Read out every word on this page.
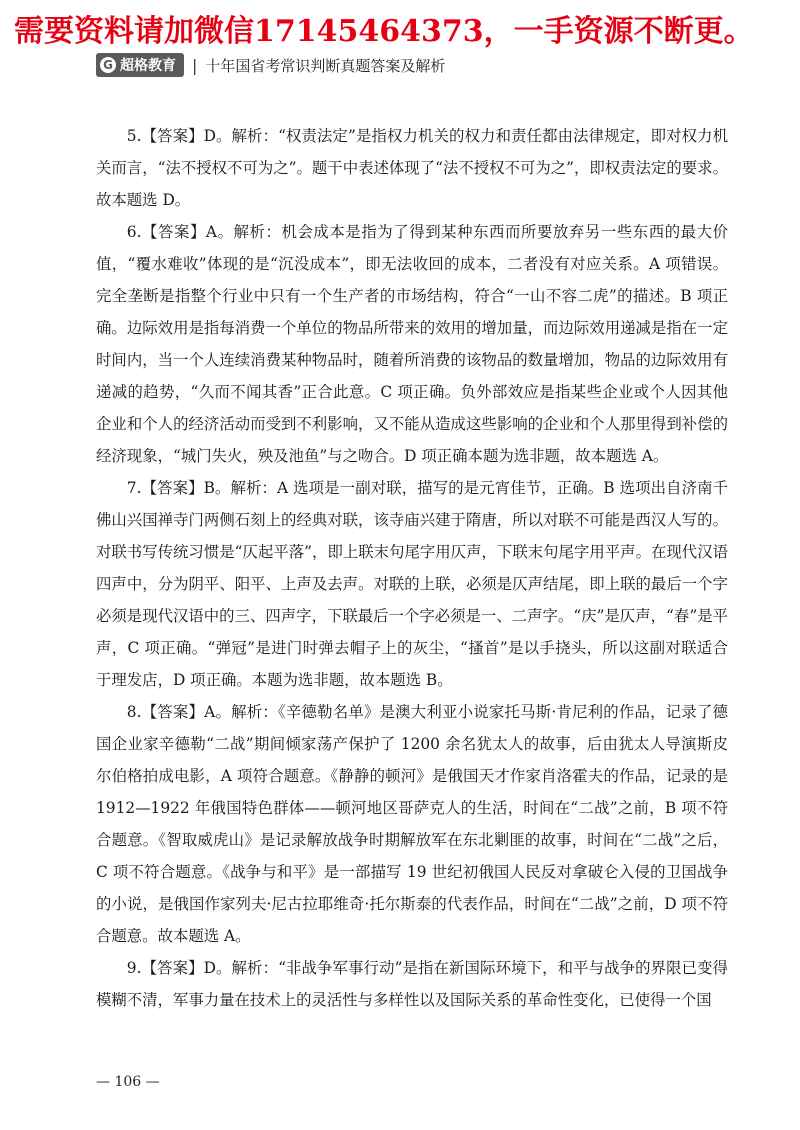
需要资料请加微信17145464373，一手资源不断更。
G 超格教育 | 十年国省考常识判断真题答案及解析

5.【答案】D。解析：“权责法定”是指权力机关的权力和责任都由法律规定，即对权力机关而言，“法不授权不可为之”。题干中表述体现了“法不授权不可为之”，即权责法定的要求。故本题选 D。

6.【答案】A。解析：机会成本是指为了得到某种东西而所要放弃另一些东西的最大价值，“覆水难收”体现的是“沉没成本”，即无法收回的成本，二者没有对应关系。A 项错误。完全垄断是指整个行业中只有一个生产者的市场结构，符合“一山不容二虎”的描述。B 项正确。边际效用是指每消费一个单位的物品所带来的效用的增加量，而边际效用递减是指在一定时间内，当一个人连续消费某种物品时，随着所消费的该物品的数量增加，物品的边际效用有递减的趋势，“久而不闻其香”正合此意。C 项正确。负外部效应是指某些企业或个人因其他企业和个人的经济活动而受到不利影响，又不能从造成这些影响的企业和个人那里得到补偿的经济现象，“城门失火，殃及池鱼”与之吻合。D 项正确本题为选非题，故本题选 A。

7.【答案】B。解析：A 选项是一副对联，描写的是元宵佳节，正确。B 选项出自济南千佛山兴国禅寺门两侧石刻上的经典对联，该寺庙兴建于隋唐，所以对联不可能是西汉人写的。对联书写传统习惯是“仄起平落”，即上联末句尾字用仄声，下联末句尾字用平声。在现代汉语四声中，分为阴平、阳平、上声及去声。对联的上联，必须是仄声结尾，即上联的最后一个字必须是现代汉语中的三、四声字，下联最后一个字必须是一、二声字。“庆”是仄声，“春”是平声，C 项正确。“弹冠”是进门时弹去帽子上的灰尘，“搔首”是以手挠头，所以这副对联适合于理发店，D 项正确。本题为选非题，故本题选 B。

8.【答案】A。解析：《辛德勒名单》是澳大利亚小说家托马斯·肯尼利的作品，记录了德国企业家辛德勒“二战”期间倾家荡产保护了 1200 余名犹太人的故事，后由犹太人导演斯皮尔伯格拍成电影，A 项符合题意。《静静的顿河》是俄国天才作家肖洛霍夫的作品，记录的是 1912—1922 年俄国特色群体——顿河地区哥萨克人的生活，时间在“二战”之前，B 项不符合题意。《智取威虎山》是记录解放战争时期解放军在东北剿匪的故事，时间在“二战”之后，C 项不符合题意。《战争与和平》是一部描写 19 世纪初俄国人民反对拿破仑入侵的卫国战争的小说，是俄国作家列夫·尼古拉耶维奇·托尔斯泰的代表作品，时间在“二战”之前，D 项不符合题意。故本题选 A。

9.【答案】D。解析：“非战争军事行动”是指在新国际环境下，和平与战争的界限已变得模糊不清，军事力量在技术上的灵活性与多样性以及国际关系的革命性变化，已使得一个国

— 106 —
